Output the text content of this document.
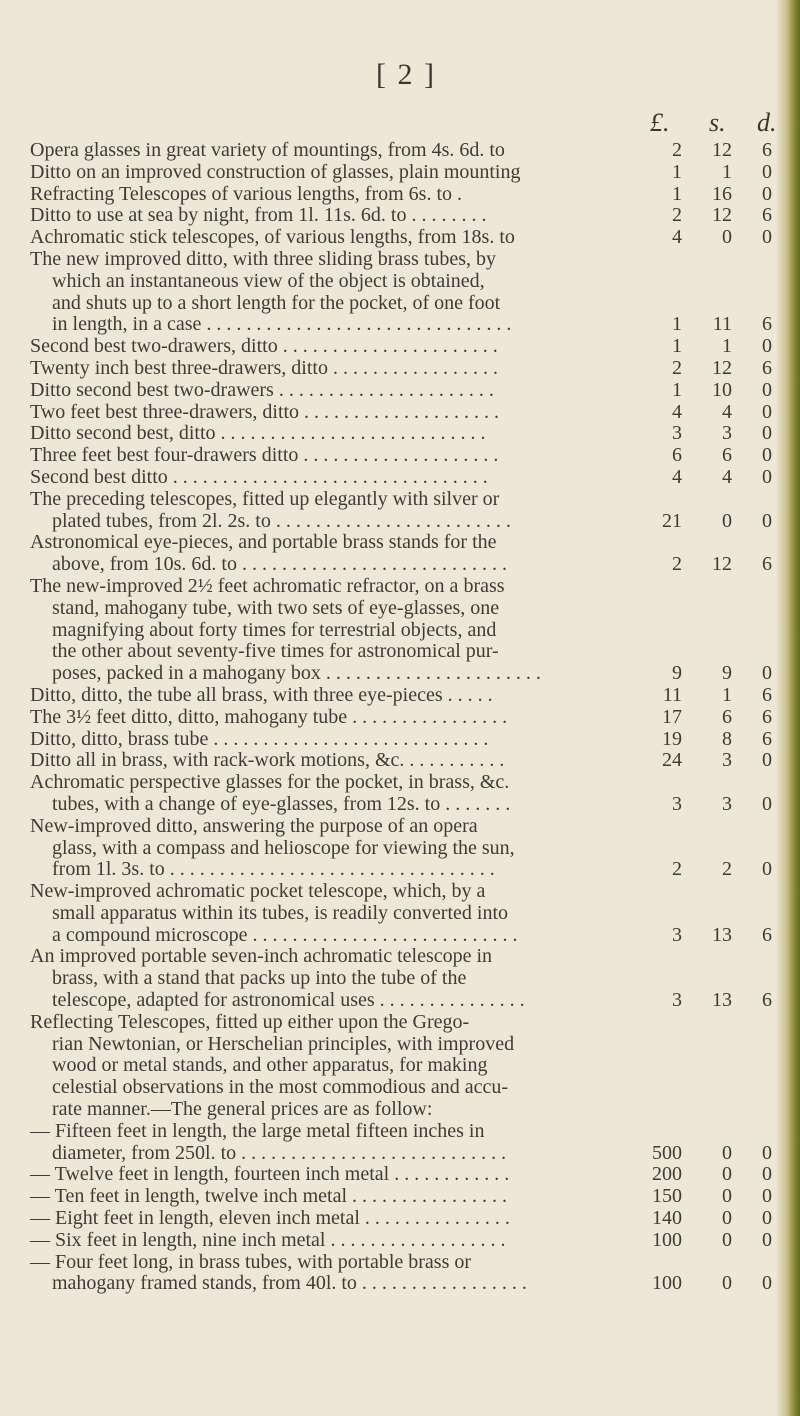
[ 2 ]
£. s. d.
Opera glasses in great variety of mountings, from 4s. 6d. to	2	12	6
Ditto on an improved construction of glasses, plain mounting	1	1	0
Refracting Telescopes of various lengths, from 6s. to .	1	16	0
Ditto to use at sea by night, from 1l. 11s. 6d. to . . . . . . . .	2	12	6
Achromatic stick telescopes, of various lengths, from 18s. to	4	0	0
The new improved ditto, with three sliding brass tubes, by
which an instantaneous view of the object is obtained,
and shuts up to a short length for the pocket, of one foot
in length, in a case . . . . . . . . . . . . . . . . . . . . . . . . . . . . . . .	1	11	6
Second best two-drawers, ditto . . . . . . . . . . . . . . . . . . . . . .	1	1	0
Twenty inch best three-drawers, ditto . . . . . . . . . . . . . . . . .	2	12	6
Ditto second best two-drawers . . . . . . . . . . . . . . . . . . . . . .	1	10	0
Two feet best three-drawers, ditto . . . . . . . . . . . . . . . . . . . .	4	4	0
Ditto second best, ditto . . . . . . . . . . . . . . . . . . . . . . . . . . .	3	3	0
Three feet best four-drawers ditto . . . . . . . . . . . . . . . . . . . .	6	6	0
Second best ditto . . . . . . . . . . . . . . . . . . . . . . . . . . . . . . . .	4	4	0
The preceding telescopes, fitted up elegantly with silver or
plated tubes, from 2l. 2s. to . . . . . . . . . . . . . . . . . . . . . . . .	21	0	0
Astronomical eye-pieces, and portable brass stands for the
above, from 10s. 6d. to . . . . . . . . . . . . . . . . . . . . . . . . . . .	2	12	6
The new-improved 2½ feet achromatic refractor, on a brass
stand, mahogany tube, with two sets of eye-glasses, one
magnifying about forty times for terrestrial objects, and
the other about seventy-five times for astronomical pur-
poses, packed in a mahogany box . . . . . . . . . . . . . . . . . . . . . .	9	9	0
Ditto, ditto, the tube all brass, with three eye-pieces . . . . .	11	1	6
The 3½ feet ditto, ditto, mahogany tube . . . . . . . . . . . . . . . .	17	6	6
Ditto, ditto, brass tube . . . . . . . . . . . . . . . . . . . . . . . . . . . .	19	8	6
Ditto all in brass, with rack-work motions, &c. . . . . . . . . . .	24	3	0
Achromatic perspective glasses for the pocket, in brass, &c.
tubes, with a change of eye-glasses, from 12s. to . . . . . . .	3	3	0
New-improved ditto, answering the purpose of an opera
glass, with a compass and helioscope for viewing the sun,
from 1l. 3s. to . . . . . . . . . . . . . . . . . . . . . . . . . . . . . . . . .	2	2	0
New-improved achromatic pocket telescope, which, by a
small apparatus within its tubes, is readily converted into
a compound microscope . . . . . . . . . . . . . . . . . . . . . . . . . . .	3	13	6
An improved portable seven-inch achromatic telescope in
brass, with a stand that packs up into the tube of the
telescope, adapted for astronomical uses . . . . . . . . . . . . . . .	3	13	6
Reflecting Telescopes, fitted up either upon the Grego-
rian Newtonian, or Herschelian principles, with improved
wood or metal stands, and other apparatus, for making
celestial observations in the most commodious and accu-
rate manner.—The general prices are as follow:
— Fifteen feet in length, the large metal fifteen inches in
diameter, from 250l. to . . . . . . . . . . . . . . . . . . . . . . . . . . .	500	0	0
— Twelve feet in length, fourteen inch metal . . . . . . . . . . . .	200	0	0
— Ten feet in length, twelve inch metal . . . . . . . . . . . . . . . .	150	0	0
— Eight feet in length, eleven inch metal . . . . . . . . . . . . . . .	140	0	0
— Six feet in length, nine inch metal . . . . . . . . . . . . . . . . . .	100	0	0
— Four feet long, in brass tubes, with portable brass or
mahogany framed stands, from 40l. to . . . . . . . . . . . . . . . . .	100	0	0
